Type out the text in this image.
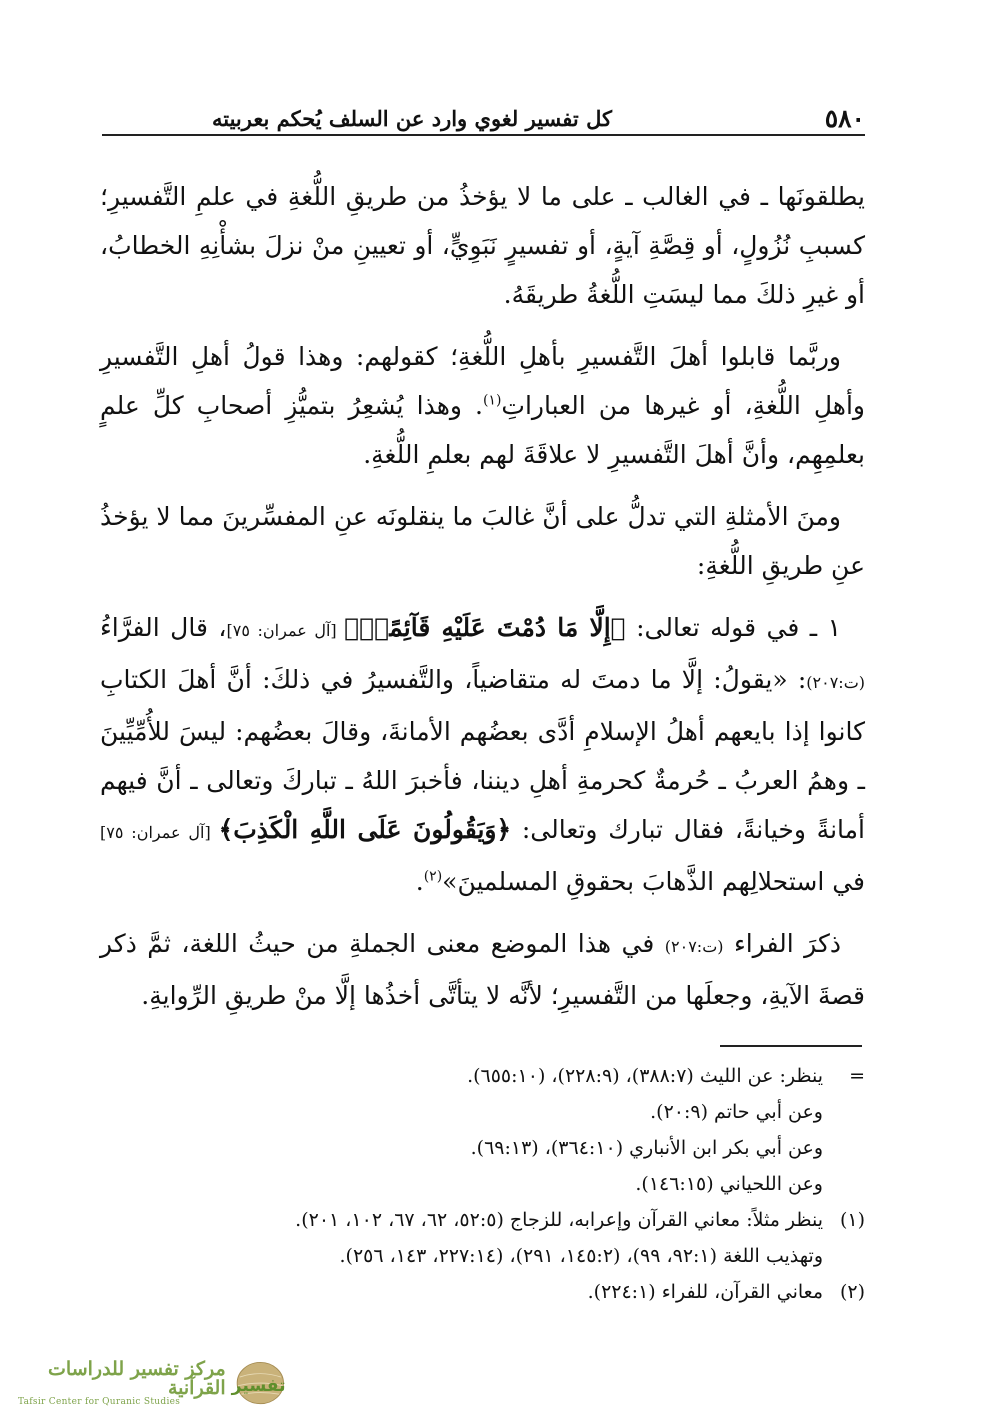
٥٨٠
كل تفسير لغوي وارد عن السلف يُحكم بعربيته

يطلقونَها ـ في الغالب ـ على ما لا يؤخذُ من طريقِ اللُّغةِ في علمِ التَّفسيرِ؛ كسببِ نُزُولٍ، أو قِصَّةِ آيةٍ، أو تفسيرٍ نَبَوِيٍّ، أو تعيينِ منْ نزلَ بشأْنِهِ الخطابُ، أو غيرِ ذلكَ مما ليسَتِ اللُّغةُ طريقَهُ.

وربَّما قابلوا أهلَ التَّفسيرِ بأهلِ اللُّغةِ؛ كقولهم: وهذا قولُ أهلِ التَّفسيرِ وأهلِ اللُّغةِ، أو غيرها من العباراتِ$^{(١)}$. وهذا يُشعِرُ بتميُّزِ أصحابِ كلِّ علمٍ بعلمِهِم، وأنَّ أهلَ التَّفسيرِ لا علاقَةَ لهم بعلمِ اللُّغةِ.

ومنَ الأمثلةِ التي تدلُّ على أنَّ غالبَ ما ينقلونَه عنِ المفسِّرينَ مما لا يؤخذُ عنِ طريقِ اللُّغةِ:

١ ـ في قوله تعالى: ﴿إِلَّا مَا دُمْتَ عَلَيْهِ قَآئِمًاۗ﴾ [آل عمران: ٧٥]، قال الفرَّاءُ (ت:٢٠٧): «يقولُ: إلَّا ما دمتَ له متقاضياً، والتَّفسيرُ في ذلكَ: أنَّ أهلَ الكتابِ كانوا إذا بايعهم أهلُ الإسلامِ أدَّى بعضُهم الأمانةَ، وقالَ بعضُهم: ليسَ للأُمِّيِّينَ ـ وهمُ العربُ ـ حُرمةٌ كحرمةِ أهلِ ديننا، فأخبرَ اللهُ ـ تباركَ وتعالى ـ أنَّ فيهم أمانةً وخيانةً، فقال تبارك وتعالى: ﴿وَيَقُولُونَ عَلَى اللَّهِ الْكَذِبَ﴾ [آل عمران: ٧٥] في استحلالِهم الذَّهابَ بحقوقِ المسلمينَ»$^{(٢)}$.

ذكرَ الفراء (ت:٢٠٧) في هذا الموضع معنى الجملةِ من حيثُ اللغة، ثمَّ ذكر قصةَ الآيةِ، وجعلَها من التَّفسيرِ؛ لأنَّه لا يتأتَّى أخذُها إلَّا منْ طريقِ الرِّوايةِ.

=
ينظر: عن الليث (٣٨٨:٧)، (٢٢٨:٩)، (٦٥٥:١٠).
وعن أبي حاتم (٢٠:٩).
وعن أبي بكر ابن الأنباري (٣٦٤:١٠)، (٦٩:١٣).
وعن اللحياني (١٤٦:١٥).
(١)
ينظر مثلاً: معاني القرآن وإعرابه، للزجاج (٥٢:٥، ٦٢، ٦٧، ١٠٢، ٢٠١).
وتهذيب اللغة (٩٢:١، ٩٩)، (١٤٥:٢، ٢٩١)، (٢٢٧:١٤، ١٤٣، ٢٥٦).
(٢)
معاني القرآن، للفراء (٢٢٤:١).
مركز تفسير للدراسات القرآنية
Tafsir Center for Quranic Studies
تفسير
